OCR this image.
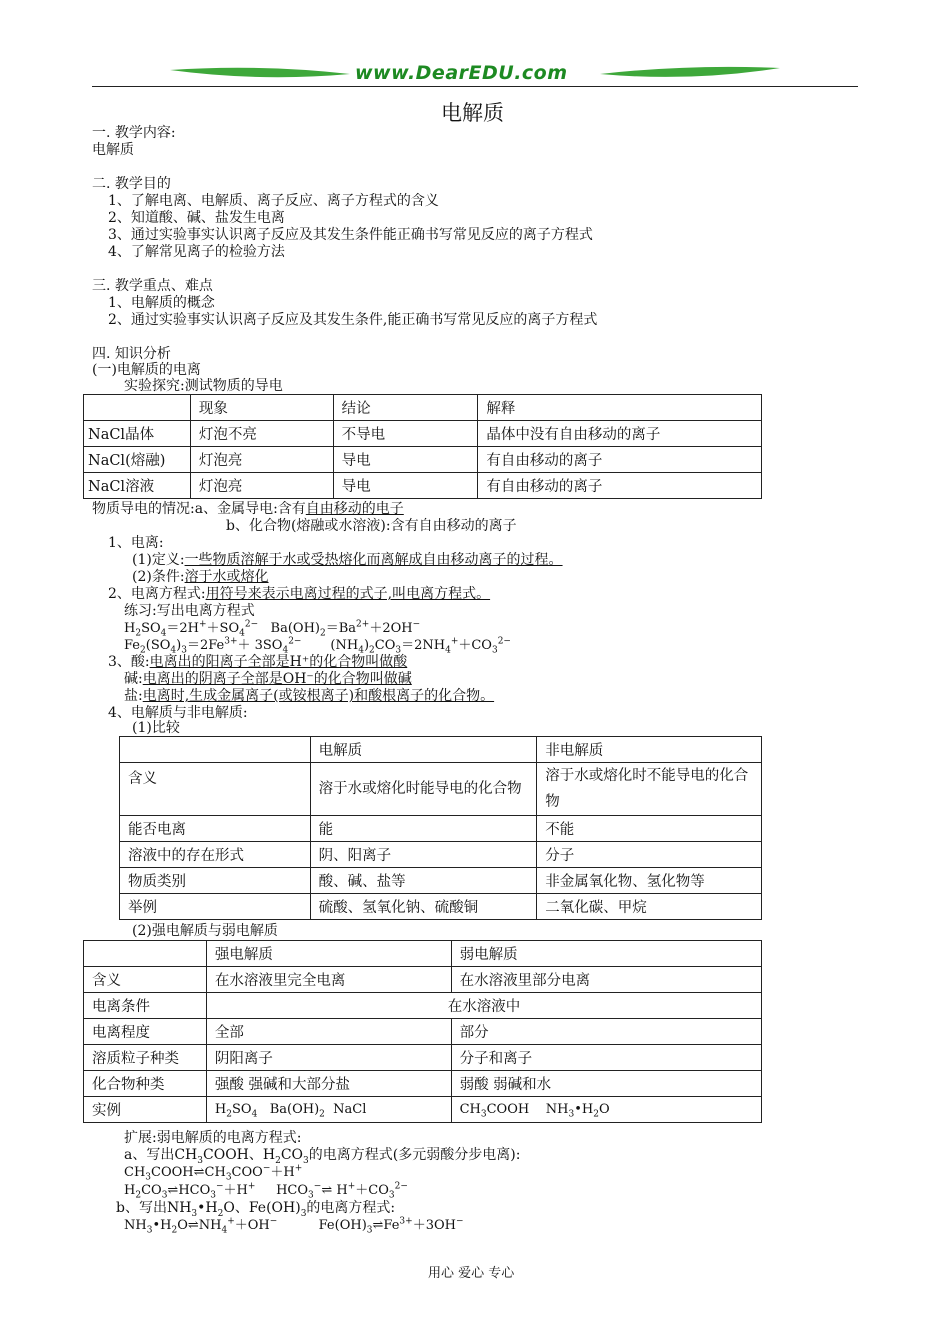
www.DearEDU.com
电解质
一. 教学内容:
电解质
二. 教学目的
1、了解电离、电解质、离子反应、离子方程式的含义
2、知道酸、碱、盐发生电离
3、通过实验事实认识离子反应及其发生条件能正确书写常见反应的离子方程式
4、了解常见离子的检验方法
三. 教学重点、难点
1、电解质的概念
2、通过实验事实认识离子反应及其发生条件,能正确书写常见反应的离子方程式
四. 知识分析
(一)电解质的电离
实验探究:测试物质的导电
	现象	结论	解释
NaCl晶体	灯泡不亮	不导电	晶体中没有自由移动的离子
NaCl(熔融)	灯泡亮	导电	有自由移动的离子
NaCl溶液	灯泡亮	导电	有自由移动的离子
物质导电的情况:a、金属导电:含有自由移动的电子
b、化合物(熔融或水溶液):含有自由移动的离子
1、电离:
(1)定义:一些物质溶解于水或受热熔化而离解成自由移动离子的过程。
(2)条件:溶于水或熔化
2、电离方程式:用符号来表示电离过程的式子,叫电离方程式。
练习:写出电离方程式
$H_2SO_4=2H^++SO_4^{2-}$   $Ba(OH)_2=Ba^{2+}+2OH^-$
$Fe_2(SO_4)_3=2Fe^{3+}+ 3SO_4^{2-}$       $(NH_4)_2CO_3=2NH_4^++CO_3^{2-}$
3、酸:电离出的阳离子全部是H⁺的化合物叫做酸
碱:电离出的阴离子全部是OH⁻的化合物叫做碱
盐:电离时,生成金属离子(或铵根离子)和酸根离子的化合物。
4、电解质与非电解质:
(1)比较
	电解质	非电解质
含义	溶于水或熔化时能导电的化合物	溶于水或熔化时不能导电的化合物
能否电离	能	不能
溶液中的存在形式	阴、阳离子	分子
物质类别	酸、碱、盐等	非金属氧化物、氢化物等
举例	硫酸、氢氧化钠、硫酸铜	二氧化碳、甲烷
(2)强电解质与弱电解质
	强电解质	弱电解质
含义	在水溶液里完全电离	在水溶液里部分电离
电离条件	在水溶液中	
电离程度	全部	部分
溶质粒子种类	阴阳离子	分子和离子
化合物种类	强酸 强碱和大部分盐	弱酸 弱碱和水
实例	$H_2SO_4$   $Ba(OH)_2$  NaCl	$CH_3COOH$    $NH_3•H_2O$
扩展:弱电解质的电离方程式:
a、写出$CH_3COOH$、$H_2CO_3$的电离方程式(多元弱酸分步电离):
$CH_3COOH\rightleftharpoons CH_3COO^-+H^+$
$H_2CO_3\rightleftharpoons HCO_3^-+H^+$     $HCO_3^-\rightleftharpoons$ $H^++CO_3^{2-}$
b、写出$NH_3•H_2O$、$Fe(OH)_3$的电离方程式:
$NH_3•H_2O\rightleftharpoons NH_4^++OH^-$          $Fe(OH)_3\rightleftharpoons Fe^{3+}+3OH^-$
用心 爱心 专心
